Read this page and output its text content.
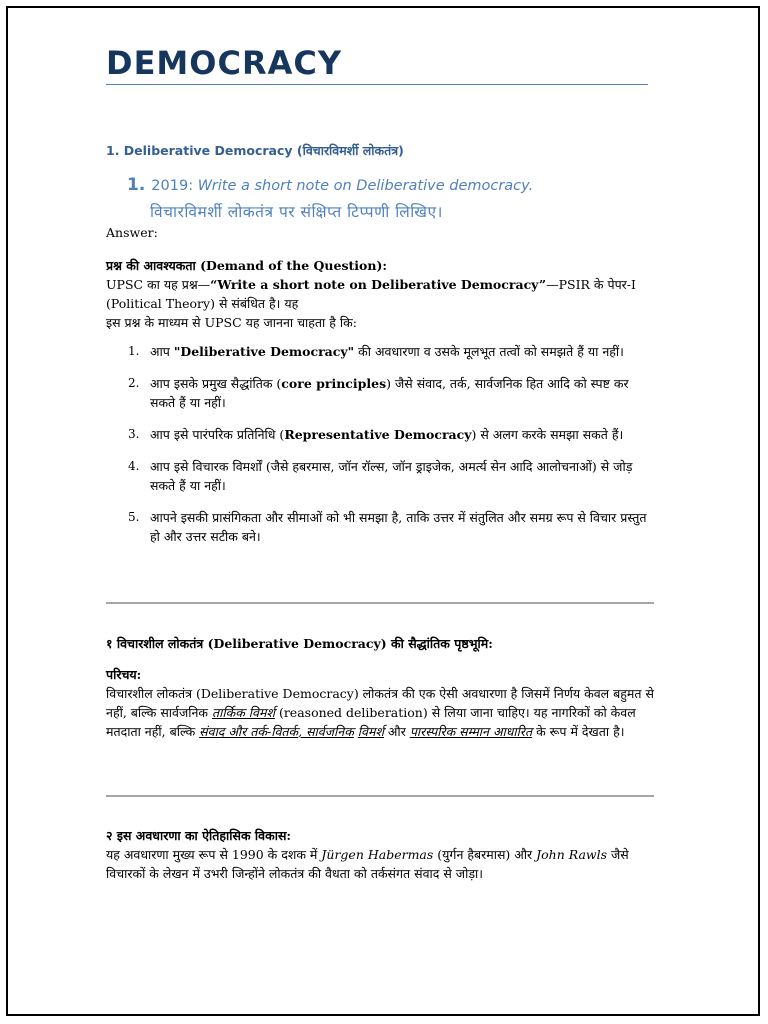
DEMOCRACY
1. Deliberative Democracy (विचारविमर्शी लोकतंत्र)
1. 2019: Write a short note on Deliberative democracy.
विचारविमर्शी लोकतंत्र पर संक्षिप्त टिप्पणी लिखिए।
Answer:
प्रश्न की आवश्यकता (Demand of the Question):
UPSC का यह प्रश्न—“Write a short note on Deliberative Democracy”—PSIR के पेपर-I
(Political Theory) से संबंधित है। यह
इस प्रश्न के माध्यम से UPSC यह जानना चाहता है कि:
1. आप "Deliberative Democracy" की अवधारणा व उसके मूलभूत तत्वों को समझते हैं या नहीं।
2. आप इसके प्रमुख सैद्धांतिक (core principles) जैसे संवाद, तर्क, सार्वजनिक हित आदि को स्पष्ट कर सकते हैं या नहीं।
3. आप इसे पारंपरिक प्रतिनिधि (Representative Democracy) से अलग करके समझा सकते हैं।
4. आप इसे विचारक विमर्शों (जैसे हबरमास, जॉन रॉल्स, जॉन ड्राइजेक, अमर्त्य सेन आदि आलोचनाओं) से जोड़ सकते हैं या नहीं।
5. आपने इसकी प्रासंगिकता और सीमाओं को भी समझा है, ताकि उत्तर में संतुलित और समग्र रूप से विचार प्रस्तुत हो और उत्तर सटीक बने।
१ विचारशील लोकतंत्र (Deliberative Democracy) की सैद्धांतिक पृष्ठभूमि:
परिचय:
विचारशील लोकतंत्र (Deliberative Democracy) लोकतंत्र की एक ऐसी अवधारणा है जिसमें निर्णय केवल बहुमत से नहीं, बल्कि सार्वजनिक तार्किक विमर्श (reasoned deliberation) से लिया जाना चाहिए। यह नागरिकों को केवल मतदाता नहीं, बल्कि संवाद और तर्क-वितर्क, सार्वजनिक विमर्श और पारस्परिक सम्मान आधारित के रूप में देखता है।
२ इस अवधारणा का ऐतिहासिक विकास:
यह अवधारणा मुख्य रूप से 1990 के दशक में Jürgen Habermas (युर्गन हैबरमास) और John Rawls जैसे विचारकों के लेखन में उभरी जिन्होंने लोकतंत्र की वैधता को तर्कसंगत संवाद से जोड़ा।
